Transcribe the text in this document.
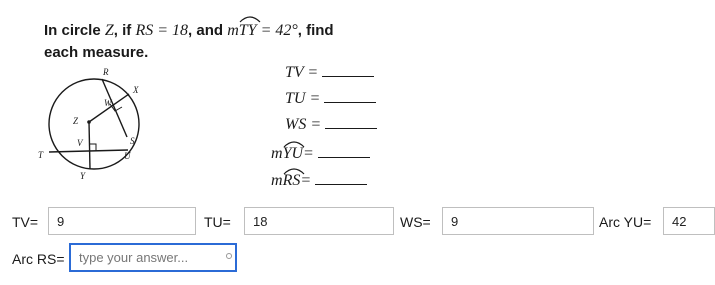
In circle Z, if RS = 18, and m
TY = 42°, find
each measure.
R
W
X
Z
V	S
T	U
Y
TV =
TU =
WS =
m
YU=
m
RS=
TV=	9	TU=	18	WS=	9	Arc YU=	42
Arc RS=	type your answer...
